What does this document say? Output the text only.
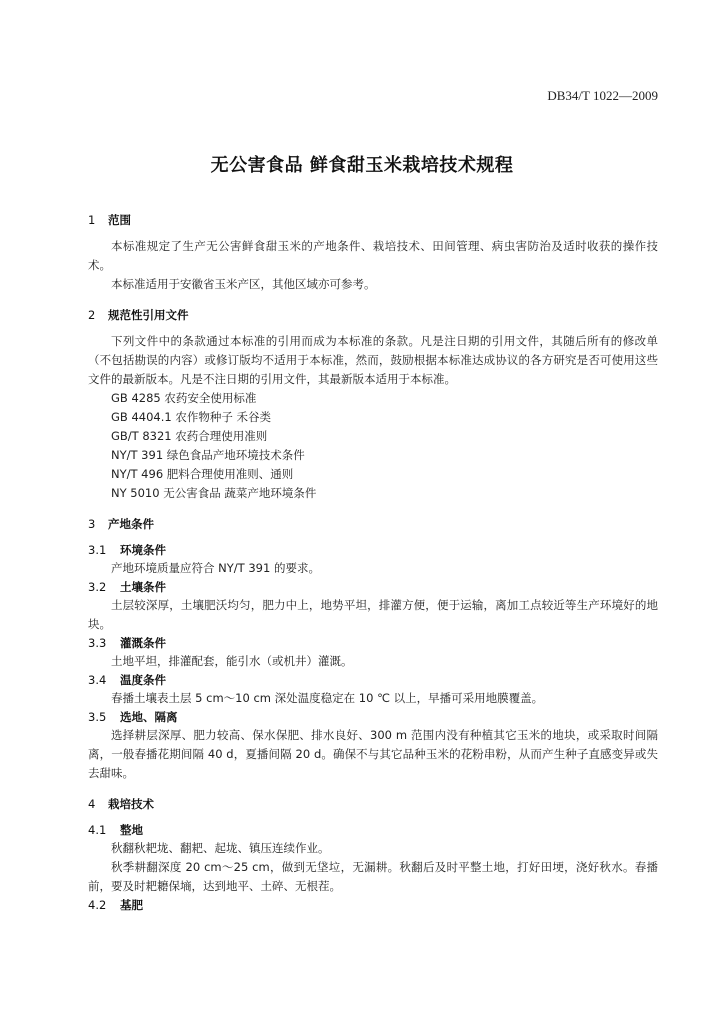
DB34/T 1022—2009
无公害食品 鲜食甜玉米栽培技术规程
1 范围

本标准规定了生产无公害鲜食甜玉米的产地条件、栽培技术、田间管理、病虫害防治及适时收获的操作技术。

本标准适用于安徽省玉米产区，其他区域亦可参考。

2 规范性引用文件

下列文件中的条款通过本标准的引用而成为本标准的条款。凡是注日期的引用文件，其随后所有的修改单（不包括勘误的内容）或修订版均不适用于本标准，然而，鼓励根据本标准达成协议的各方研究是否可使用这些文件的最新版本。凡是不注日期的引用文件，其最新版本适用于本标准。

GB 4285 农药安全使用标准

GB 4404.1 农作物种子 禾谷类

GB/T 8321 农药合理使用准则

NY/T 391 绿色食品产地环境技术条件

NY/T 496 肥料合理使用准则、通则

NY 5010 无公害食品 蔬菜产地环境条件

3 产地条件
3.1 环境条件

产地环境质量应符合 NY/T 391 的要求。

3.2 土壤条件

土层较深厚，土壤肥沃均匀，肥力中上，地势平坦，排灌方便，便于运输，离加工点较近等生产环境好的地块。

3.3 灌溉条件

土地平坦，排灌配套，能引水（或机井）灌溉。

3.4 温度条件

春播土壤表土层 5 cm～10 cm 深处温度稳定在 10 ℃ 以上，早播可采用地膜覆盖。

3.5 选地、隔离

选择耕层深厚、肥力较高、保水保肥、排水良好、300 m 范围内没有种植其它玉米的地块，或采取时间隔离，一般春播花期间隔 40 d，夏播间隔 20 d。确保不与其它品种玉米的花粉串粉，从而产生种子直感变异或失去甜味。

4 栽培技术
4.1 整地

秋翻秋耙垅、翻耙、起垅、镇压连续作业。

秋季耕翻深度 20 cm～25 cm，做到无垡垃，无漏耕。秋翻后及时平整土地，打好田埂，浇好秋水。春播前，要及时耙耱保墒，达到地平、土碎、无根茬。

4.2 基肥
